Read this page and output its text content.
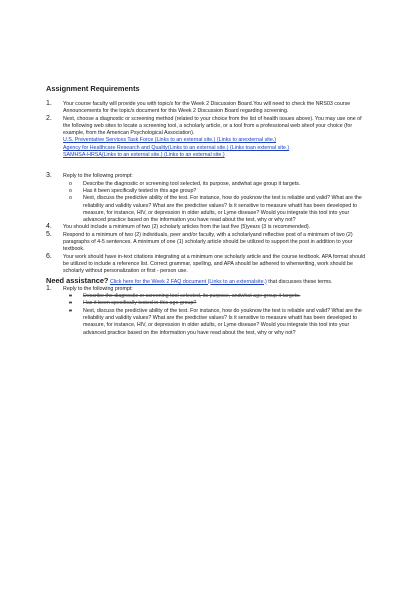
Assignment Requirements
1. Your course faculty will provide you with topic/s for the Week 2 Discussion Board.You will need to check the NRS03 course Announcements for the topic/s document for this Week 2 Discussion Board regarding screening.
2. Next, choose a diagnostic or screening method (related to your choice from the list of health issues above). You may use one of the following web sites to locate a screening tool, a scholarly article, or a tool from a professional web siteof your choice (for example, from the American Psychological Association).
U.S. Preventative Services Task Force (Links to an external site.) (Links to anexternal site.)
Agency for Healthcare Research and Quality(Links to an external site.) (Links toan external site.)
SAMHSA-HRSA(Links to an external site.) (Links to an external site.)
3. Reply to the following prompt:
o Describe the diagnostic or screening tool selected, its purpose, andwhat age group it targets.
o Has it been specifically tested in this age group?
o Next, discuss the predictive ability of the test. For instance, how do youknow the test is reliable and valid? What are the reliability and validity values? What are the predictive values? Is it sensitive to measure whatit has been developed to measure, for instance, HIV, or depression in older adults, or Lyme disease? Would you integrate this tool into your advanced practice based on the information you have read about the test, why or why not?
4. You should include a minimum of two (2) scholarly articles from the last five (5)years (3 is recommended).
5. Respond to a minimum of two (2) individuals, peer and/or faculty, with a scholarlyand reflective post of a minimum of two (2) paragraphs of 4-5 sentences. A minimum of one (1) scholarly article should be utilized to support the post in addition to your textbook.
6. Your work should have in-text citations integrating at a minimum one scholarly article and the course textbook. APA format should be utilized to include a reference list. Correct grammar, spelling, and APA should be adhered to whenwriting, work should be scholarly without personalization or first - person use.
Need assistance? Click here for the Week 2 FAQ document (Links to an externalsite.) that discusses these terms.
1. Reply to the following prompt:
o Describe the diagnostic or screening tool selected, its purpose, andwhat age group it targets.
o Has it been specifically tested in this age group?
o Next, discuss the predictive ability of the test. For instance, how do youknow the test is reliable and valid? What are the reliability and validity values? What are the predictive values? Is it sensitive to measure whatit has been developed to measure, for instance, HIV, or depression in older adults, or Lyme disease? Would you integrate this tool into your advanced practice based on the information you have read about the test, why or why not?
